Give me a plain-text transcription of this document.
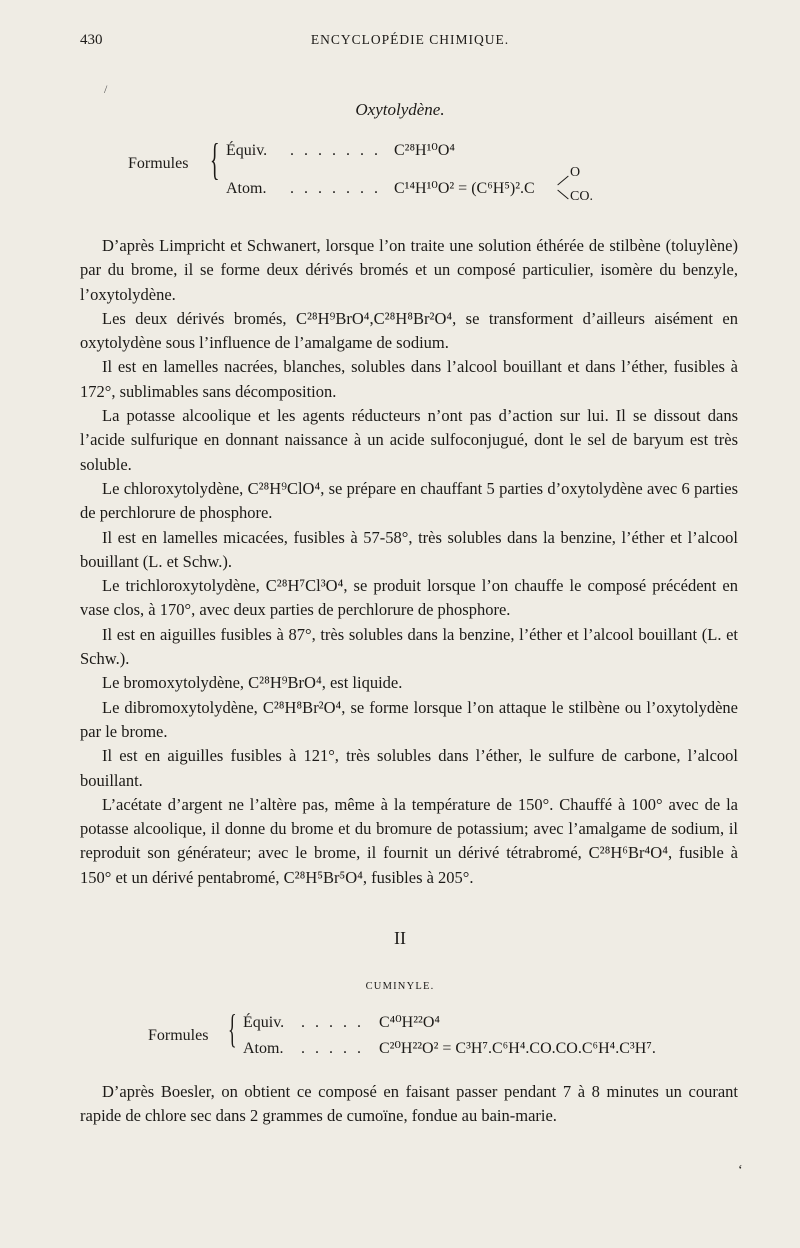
430	ENCYCLOPÉDIE CHIMIQUE.
/
Oxytolydène.
Formules { Équiv. . . . . . . . C²⁸H¹⁰O⁴
Atom. . . . . . . . C¹⁴H¹⁰O² = (C⁶H⁵)².C
O
CO.

D’après Limpricht et Schwanert, lorsque l’on traite une solution éthérée de stilbène (toluylène) par du brome, il se forme deux dérivés bromés et un composé particulier, isomère du benzyle, l’oxytolydène.

Les deux dérivés bromés, C²⁸H⁹BrO⁴,C²⁸H⁸Br²O⁴, se transforment d’ailleurs aisément en oxytolydène sous l’influence de l’amalgame de sodium.

Il est en lamelles nacrées, blanches, solubles dans l’alcool bouillant et dans l’éther, fusibles à 172°, sublimables sans décomposition.

La potasse alcoolique et les agents réducteurs n’ont pas d’action sur lui. Il se dissout dans l’acide sulfurique en donnant naissance à un acide sulfoconjugué, dont le sel de baryum est très soluble.

Le chloroxytolydène, C²⁸H⁹ClO⁴, se prépare en chauffant 5 parties d’oxytolydène avec 6 parties de perchlorure de phosphore.

Il est en lamelles micacées, fusibles à 57-58°, très solubles dans la benzine, l’éther et l’alcool bouillant (L. et Schw.).

Le trichloroxytolydène, C²⁸H⁷Cl³O⁴, se produit lorsque l’on chauffe le composé précédent en vase clos, à 170°, avec deux parties de perchlorure de phosphore.

Il est en aiguilles fusibles à 87°, très solubles dans la benzine, l’éther et l’alcool bouillant (L. et Schw.).

Le bromoxytolydène, C²⁸H⁹BrO⁴, est liquide.

Le dibromoxytolydène, C²⁸H⁸Br²O⁴, se forme lorsque l’on attaque le stilbène ou l’oxytolydène par le brome.

Il est en aiguilles fusibles à 121°, très solubles dans l’éther, le sulfure de carbone, l’alcool bouillant.

L’acétate d’argent ne l’altère pas, même à la température de 150°. Chauffé à 100° avec de la potasse alcoolique, il donne du brome et du bromure de potassium; avec l’amalgame de sodium, il reproduit son générateur; avec le brome, il fournit un dérivé tétrabromé, C²⁸H⁶Br⁴O⁴, fusible à 150° et un dérivé pentabromé, C²⁸H⁵Br⁵O⁴, fusibles à 205°.

II
CUMINYLE.
Formules { Équiv. . . . . . C⁴⁰H²²O⁴
Atom. . . . . . C²⁰H²²O² = C³H⁷.C⁶H⁴.CO.CO.C⁶H⁴.C³H⁷.

D’après Boesler, on obtient ce composé en faisant passer pendant 7 à 8 minutes un courant rapide de chlore sec dans 2 grammes de cumoïne, fondue au bain-marie.

‘
